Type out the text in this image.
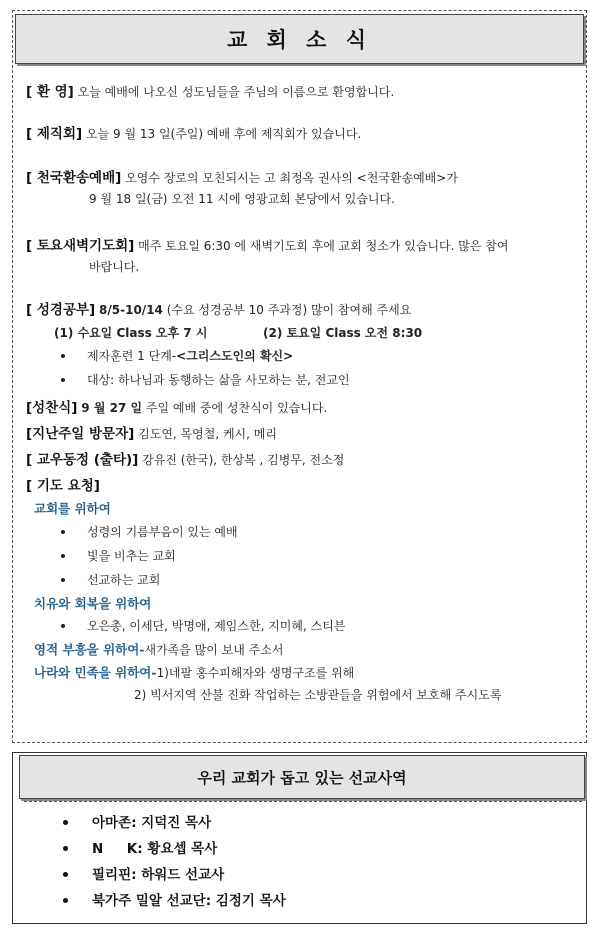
교 회 소 식
[ 환 영] 오늘 예배에 나오신 성도님들을 주님의 이름으로 환영합니다.
[ 제직회] 오늘 9 월 13 일(주일) 예배 후에 제직회가 있습니다.
[ 천국환송예배] 오영수 장로의 모친되시는 고 최정옥 권사의 <천국환송예배>가
9 월 18 일(금) 오전 11 시에 영광교회 본당에서 있습니다.
[ 토요새벽기도회] 매주 토요일 6:30 에 새벽기도회 후에 교회 청소가 있습니다. 많은 참여
바랍니다.
[ 성경공부] 8/5-10/14 (수요 성경공부 10 주과정) 많이 참여해 주세요
(1) 수요일 Class 오후 7 시	(2) 토요일 Class 오전 8:30
제자훈련 1 단계-<그리스도인의 확신>
대상: 하나님과 동행하는 삶을 사모하는 분, 전교인
[성찬식] 9 월 27 일 주일 예배 중에 성찬식이 있습니다.
[지난주일 방문자] 김도연, 목영철, 케시, 메리
[ 교우동정 (출타)] 강유진 (한국), 한상복 , 김병무, 전소정
[ 기도 요청]
교회를 위하여
성령의 기름부음이 있는 예배
빛을 비추는 교회
선교하는 교회
치유와 회복을 위하여
오은총, 이세단, 박명애, 제임스한, 지미혜, 스티븐
영적 부흥을 위하여-새가족을 많이 보내 주소서
나라와 민족을 위하여-1)네팔 홍수피해자와 생명구조를 위해
2) 빅서지역 산불 진화 작업하는 소방관들을 위험에서 보호해 주시도록
우리 교회가 돕고 있는 선교사역
아마존: 지덕진 목사
N     K: 황요셉 목사
필리핀: 하워드 선교사
북가주 밀알 선교단: 김정기 목사
